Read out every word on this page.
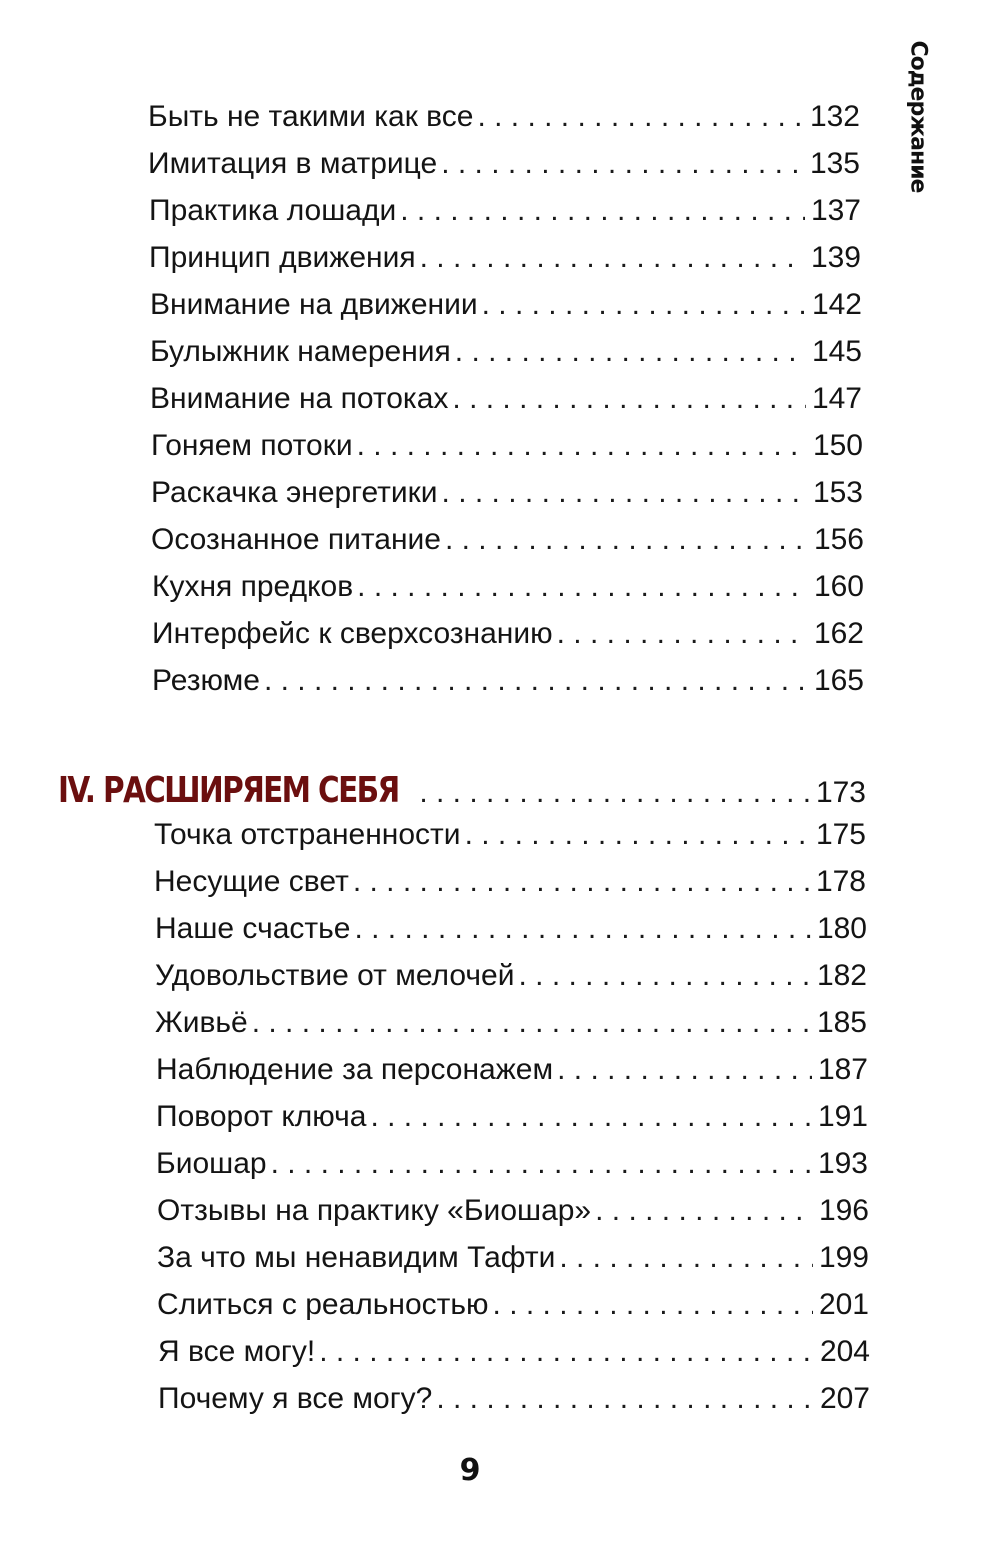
Содержание
Быть не такими как все . . .	132
Имитация в матрице . . .	135
Практика лошади . . .	137
Принцип движения . . .	139
Внимание на движении . . .	142
Булыжник намерения . . .	145
Внимание на потоках . . .	147
Гоняем потоки . . .	150
Раскачка энергетики . . .	153
Осознанное питание . . .	156
Кухня предков . . .	160
Интерфейс к сверхсознанию . . .	162
Резюме . . .	165
IV. РАСШИРЯЕМ СЕБЯ . . .	173
Точка отстраненности . . .	175
Несущие свет . . .	178
Наше счастье . . .	180
Удовольствие от мелочей . . .	182
Живьё . . .	185
Наблюдение за персонажем . . .	187
Поворот ключа . . .	191
Биошар . . .	193
Отзывы на практику «Биошар» . . .	196
За что мы ненавидим Тафти . . .	199
Слиться с реальностью . . .	201
Я все могу! . . .	204
Почему я все могу? . . .	207
9
